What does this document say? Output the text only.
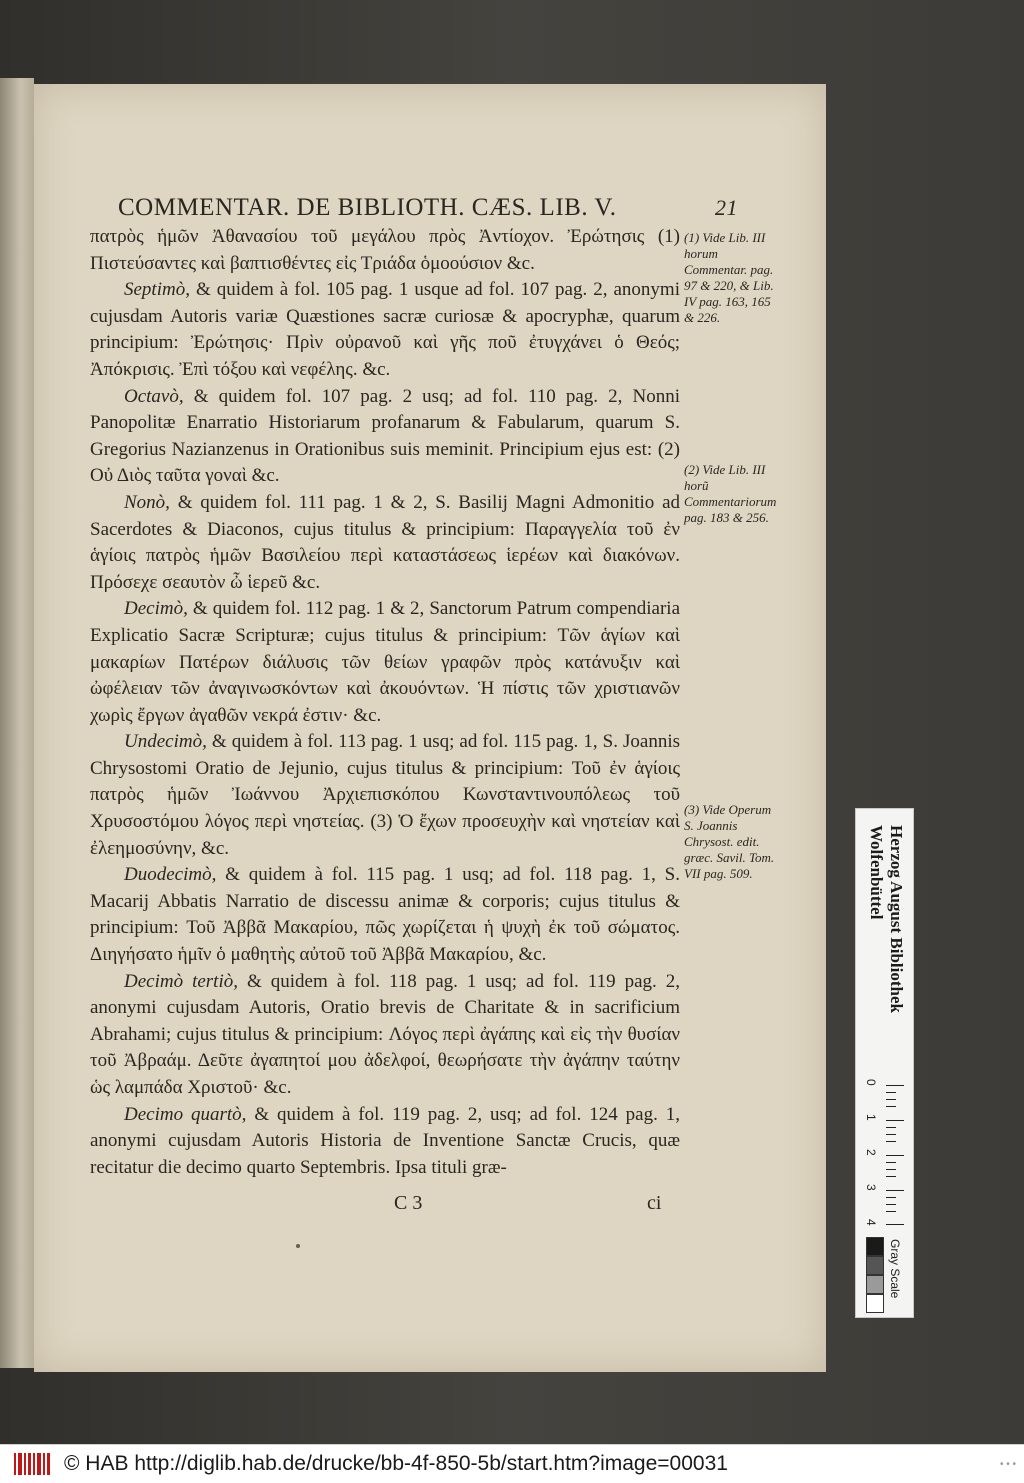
COMMENTAR. DE BIBLIOTH. CÆS. LIB. V.	21

πατρὸς ἡμῶν Ἀθανασίου τοῦ μεγάλου πρὸς Ἀντίοχον. Ἐρώτησις (1) Πιστεύσαντες καὶ βαπτισθέντες εἰς Τριάδα ὁμοούσιον &c.

Septimò, & quidem à fol. 105 pag. 1 usque ad fol. 107 pag. 2, anonymi cujusdam Autoris variæ Quæstiones sacræ curiosæ & apocryphæ, quarum principium: Ἐρώτησις· Πρὶν οὐρανοῦ καὶ γῆς ποῦ ἐτυγχάνει ὁ Θεός; Ἀπόκρισις. Ἐπὶ τόξου καὶ νεφέλης. &c.

Octavò, & quidem fol. 107 pag. 2 usq; ad fol. 110 pag. 2, Nonni Panopolitæ Enarratio Historiarum profanarum & Fabularum, quarum S. Gregorius Nazianzenus in Orationibus suis meminit. Principium ejus est: (2) Οὐ Διὸς ταῦτα γοναὶ &c.

Nonò, & quidem fol. 111 pag. 1 & 2, S. Basilij Magni Admonitio ad Sacerdotes & Diaconos, cujus titulus & principium: Παραγγελία τοῦ ἐν ἁγίοις πατρὸς ἡμῶν Βασιλείου περὶ καταστάσεως ἱερέων καὶ διακόνων. Πρόσεχε σεαυτὸν ὦ ἱερεῦ &c.

Decimò, & quidem fol. 112 pag. 1 & 2, Sanctorum Patrum compendiaria Explicatio Sacræ Scripturæ; cujus titulus & principium: Τῶν ἁγίων καὶ μακαρίων Πατέρων διάλυσις τῶν θείων γραφῶν πρὸς κατάνυξιν καὶ ὠφέλειαν τῶν ἀναγινωσκόντων καὶ ἀκουόντων. Ἡ πίστις τῶν χριστιανῶν χωρὶς ἔργων ἀγαθῶν νεκρά ἐστιν· &c.

Undecimò, & quidem à fol. 113 pag. 1 usq; ad fol. 115 pag. 1, S. Joannis Chrysostomi Oratio de Jejunio, cujus titulus & principium: Τοῦ ἐν ἁγίοις πατρὸς ἡμῶν Ἰωάννου Ἀρχιεπισκόπου Κωνσταντινουπόλεως τοῦ Χρυσοστόμου λόγος περὶ νηστείας. (3) Ὁ ἔχων προσευχὴν καὶ νηστείαν καὶ ἐλεημοσύνην, &c.

Duodecimò, & quidem à fol. 115 pag. 1 usq; ad fol. 118 pag. 1, S. Macarij Abbatis Narratio de discessu animæ & corporis; cujus titulus & principium: Τοῦ Ἀββᾶ Μακαρίου, πῶς χωρίζεται ἡ ψυχὴ ἐκ τοῦ σώματος. Διηγήσατο ἡμῖν ὁ μαθητὴς αὐτοῦ τοῦ Ἀββᾶ Μακαρίου, &c.

Decimò tertiò, & quidem à fol. 118 pag. 1 usq; ad fol. 119 pag. 2, anonymi cujusdam Autoris, Oratio brevis de Charitate & in sacrificium Abrahami; cujus titulus & principium: Λόγος περὶ ἀγάπης καὶ εἰς τὴν θυσίαν τοῦ Ἀβραάμ. Δεῦτε ἀγαπητοί μου ἀδελφοί, θεωρήσατε τὴν ἀγάπην ταύτην ὡς λαμπάδα Χριστοῦ· &c.

Decimo quartò, & quidem à fol. 119 pag. 2, usq; ad fol. 124 pag. 1, anonymi cujusdam Autoris Historia de Inventione Sanctæ Crucis, quæ recitatur die decimo quarto Septembris. Ipsa tituli græ-

(1) Vide Lib. III horum Commentar. pag. 97 & 220, & Lib. IV pag. 163, 165 & 226.
(2) Vide Lib. III horũ Commentariorum pag. 183 & 256.
(3) Vide Operum S. Joannis Chrysost. edit. græc. Savil. Tom. VII pag. 509.
C 3	ci
Herzog August Bibliothek Wolfenbüttel
0
1
2
3
4
Gray Scale
© HAB http://diglib.hab.de/drucke/bb-4f-850-5b/start.htm?image=00031	• • •
